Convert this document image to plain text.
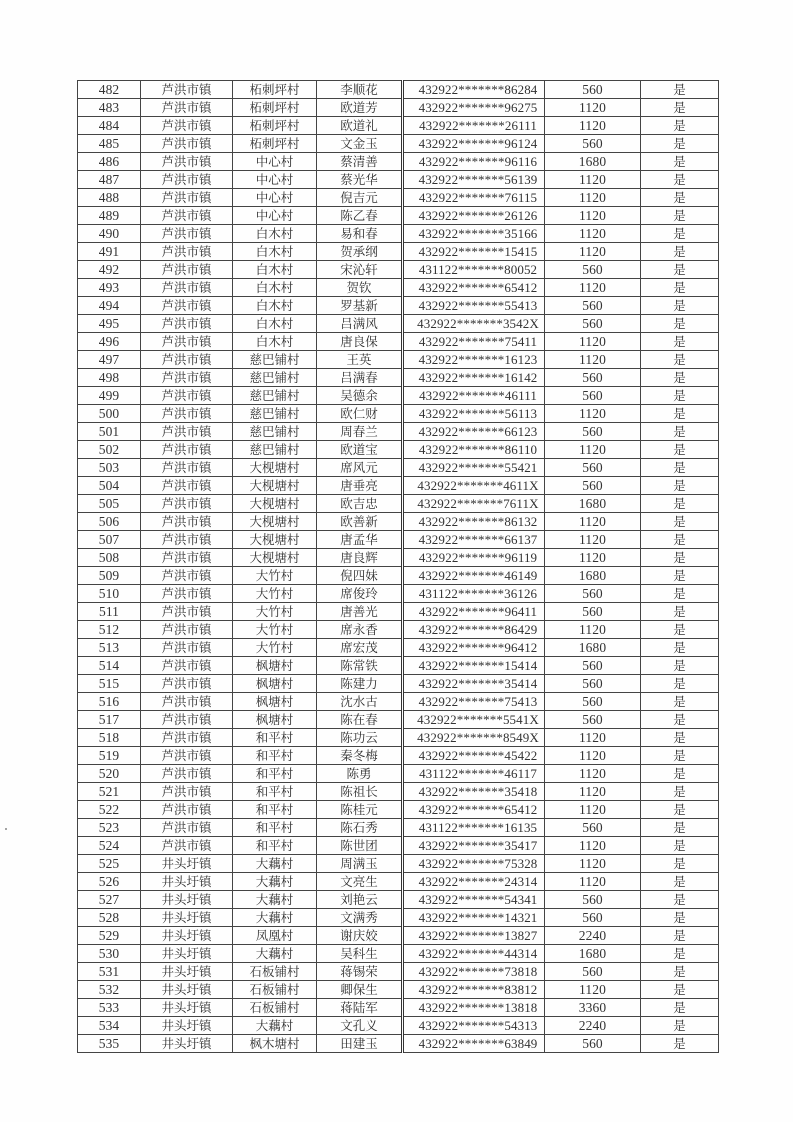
482	芦洪市镇	柘刺坪村	李顺花	432922*******86284	560	是
483	芦洪市镇	柘刺坪村	欧道芳	432922*******96275	1120	是
484	芦洪市镇	柘刺坪村	欧道礼	432922*******26111	1120	是
485	芦洪市镇	柘刺坪村	文金玉	432922*******96124	560	是
486	芦洪市镇	中心村	蔡清善	432922*******96116	1680	是
487	芦洪市镇	中心村	蔡光华	432922*******56139	1120	是
488	芦洪市镇	中心村	倪吉元	432922*******76115	1120	是
489	芦洪市镇	中心村	陈乙春	432922*******26126	1120	是
490	芦洪市镇	白木村	易和春	432922*******35166	1120	是
491	芦洪市镇	白木村	贺承纲	432922*******15415	1120	是
492	芦洪市镇	白木村	宋沁轩	431122*******80052	560	是
493	芦洪市镇	白木村	贺钦	432922*******65412	1120	是
494	芦洪市镇	白木村	罗基新	432922*******55413	560	是
495	芦洪市镇	白木村	吕满风	432922*******3542X	560	是
496	芦洪市镇	白木村	唐良保	432922*******75411	1120	是
497	芦洪市镇	慈巴铺村	王英	432922*******16123	1120	是
498	芦洪市镇	慈巴铺村	吕满春	432922*******16142	560	是
499	芦洪市镇	慈巴铺村	吴德余	432922*******46111	560	是
500	芦洪市镇	慈巴铺村	欧仁财	432922*******56113	1120	是
501	芦洪市镇	慈巴铺村	周春兰	432922*******66123	560	是
502	芦洪市镇	慈巴铺村	欧道宝	432922*******86110	1120	是
503	芦洪市镇	大枧塘村	席风元	432922*******55421	560	是
504	芦洪市镇	大枧塘村	唐垂亮	432922*******4611X	560	是
505	芦洪市镇	大枧塘村	欧吉忠	432922*******7611X	1680	是
506	芦洪市镇	大枧塘村	欧善新	432922*******86132	1120	是
507	芦洪市镇	大枧塘村	唐孟华	432922*******66137	1120	是
508	芦洪市镇	大枧塘村	唐良辉	432922*******96119	1120	是
509	芦洪市镇	大竹村	倪四妹	432922*******46149	1680	是
510	芦洪市镇	大竹村	席俊玲	431122*******36126	560	是
511	芦洪市镇	大竹村	唐善光	432922*******96411	560	是
512	芦洪市镇	大竹村	席永香	432922*******86429	1120	是
513	芦洪市镇	大竹村	席宏茂	432922*******96412	1680	是
514	芦洪市镇	枫塘村	陈常铁	432922*******15414	560	是
515	芦洪市镇	枫塘村	陈建力	432922*******35414	560	是
516	芦洪市镇	枫塘村	沈水古	432922*******75413	560	是
517	芦洪市镇	枫塘村	陈在春	432922*******5541X	560	是
518	芦洪市镇	和平村	陈功云	432922*******8549X	1120	是
519	芦洪市镇	和平村	秦冬梅	432922*******45422	1120	是
520	芦洪市镇	和平村	陈勇	431122*******46117	1120	是
521	芦洪市镇	和平村	陈祖长	432922*******35418	1120	是
522	芦洪市镇	和平村	陈桂元	432922*******65412	1120	是
523	芦洪市镇	和平村	陈石秀	431122*******16135	560	是
524	芦洪市镇	和平村	陈世团	432922*******35417	1120	是
525	井头圩镇	大藕村	周满玉	432922*******75328	1120	是
526	井头圩镇	大藕村	文亮生	432922*******24314	1120	是
527	井头圩镇	大藕村	刘艳云	432922*******54341	560	是
528	井头圩镇	大藕村	文满秀	432922*******14321	560	是
529	井头圩镇	凤凰村	谢庆姣	432922*******13827	2240	是
530	井头圩镇	大藕村	吴科生	432922*******44314	1680	是
531	井头圩镇	石板铺村	蒋锡荣	432922*******73818	560	是
532	井头圩镇	石板铺村	卿保生	432922*******83812	1120	是
533	井头圩镇	石板铺村	蒋陆军	432922*******13818	3360	是
534	井头圩镇	大藕村	文孔义	432922*******54313	2240	是
535	井头圩镇	枫木塘村	田建玉	432922*******63849	560	是
